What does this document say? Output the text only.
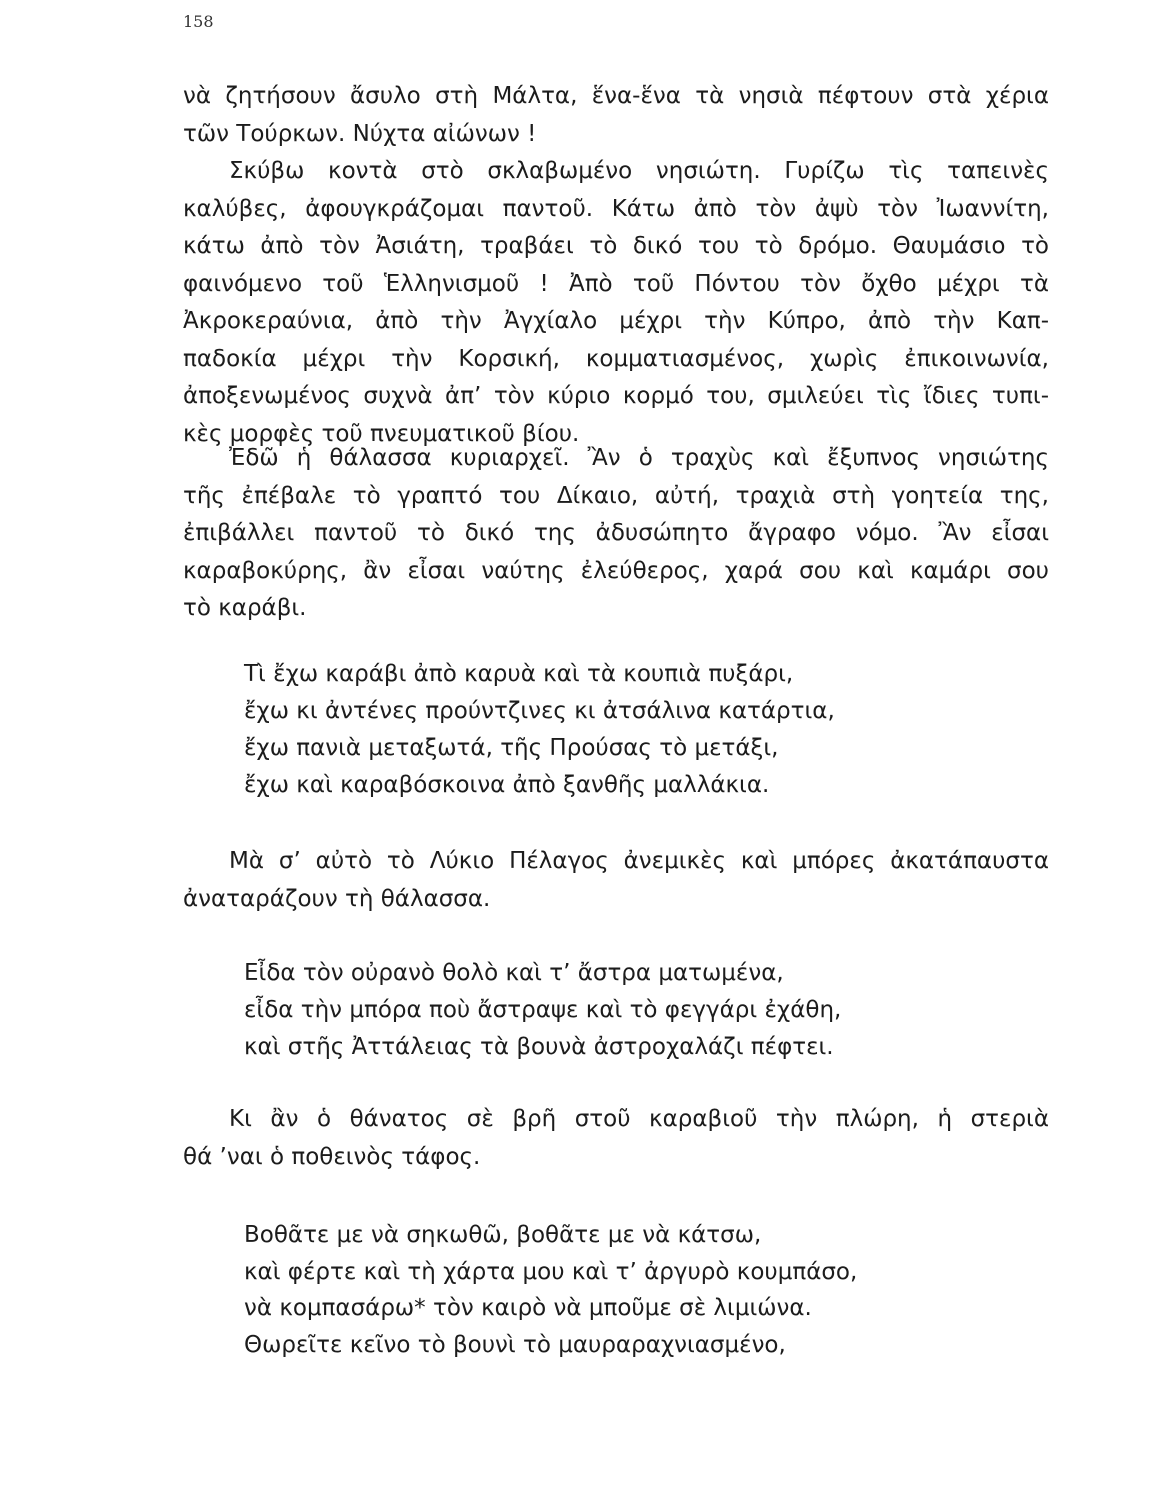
158
νὰ ζητήσουν ἄσυλο στὴ Μάλτα, ἕνα-ἕνα τὰ νησιὰ πέφτουν στὰ χέρια
τῶν Τούρκων. Νύχτα αἰώνων !
Σκύβω κοντὰ στὸ σκλαβωμένο νησιώτη. Γυρίζω τὶς ταπεινὲς
καλύβες, ἀφουγκράζομαι παντοῦ. Κάτω ἀπὸ τὸν ἀψὺ τὸν Ἰωαννίτη,
κάτω ἀπὸ τὸν Ἀσιάτη, τραβάει τὸ δικό του τὸ δρόμο. Θαυμάσιο τὸ
φαινόμενο τοῦ Ἑλληνισμοῦ ! Ἀπὸ τοῦ Πόντου τὸν ὄχθο μέχρι τὰ
Ἀκροκεραύνια, ἀπὸ τὴν Ἀγχίαλο μέχρι τὴν Κύπρο, ἀπὸ τὴν Καπ-
παδοκία μέχρι τὴν Κορσική, κομματιασμένος, χωρὶς ἐπικοινωνία,
ἀποξενωμένος συχνὰ ἀπ’ τὸν κύριο κορμό του, σμιλεύει τὶς ἴδιες τυπι-
κὲς μορφὲς τοῦ πνευματικοῦ βίου.
Ἐδῶ ἡ θάλασσα κυριαρχεῖ. Ἂν ὁ τραχὺς καὶ ἔξυπνος νησιώτης
τῆς ἐπέβαλε τὸ γραπτό του Δίκαιο, αὐτή, τραχιὰ στὴ γοητεία της,
ἐπιβάλλει παντοῦ τὸ δικό της ἀδυσώπητο ἄγραφο νόμο. Ἂν εἶσαι
καραβοκύρης, ἂν εἶσαι ναύτης ἐλεύθερος, χαρά σου καὶ καμάρι σου
τὸ καράβι.
Τὶ ἔχω καράβι ἀπὸ καρυὰ καὶ τὰ κουπιὰ πυξάρι,
ἔχω κι ἀντένες προύντζινες κι ἀτσάλινα κατάρτια,
ἔχω πανιὰ μεταξωτά, τῆς Προύσας τὸ μετάξι,
ἔχω καὶ καραβόσκοινα ἀπὸ ξανθῆς μαλλάκια.
Μὰ σ’ αὐτὸ τὸ Λύκιο Πέλαγος ἀνεμικὲς καὶ μπόρες ἀκατάπαυστα
ἀναταράζουν τὴ θάλασσα.
Εἶδα τὸν οὐρανὸ θολὸ καὶ τ’ ἄστρα ματωμένα,
εἶδα τὴν μπόρα ποὺ ἄστραψε καὶ τὸ φεγγάρι ἐχάθη,
καὶ στῆς Ἀττάλειας τὰ βουνὰ ἀστροχαλάζι πέφτει.
Κι ἂν ὁ θάνατος σὲ βρῆ στοῦ καραβιοῦ τὴν πλώρη, ἡ στεριὰ
θά ’ναι ὁ ποθεινὸς τάφος.
Βοθᾶτε με νὰ σηκωθῶ, βοθᾶτε με νὰ κάτσω,
καὶ φέρτε καὶ τὴ χάρτα μου καὶ τ’ ἀργυρὸ κουμπάσο,
νὰ κομπασάρω* τὸν καιρὸ νὰ μποῦμε σὲ λιμιώνα.
Θωρεῖτε κεῖνο τὸ βουνὶ τὸ μαυραραχνιασμένο,
